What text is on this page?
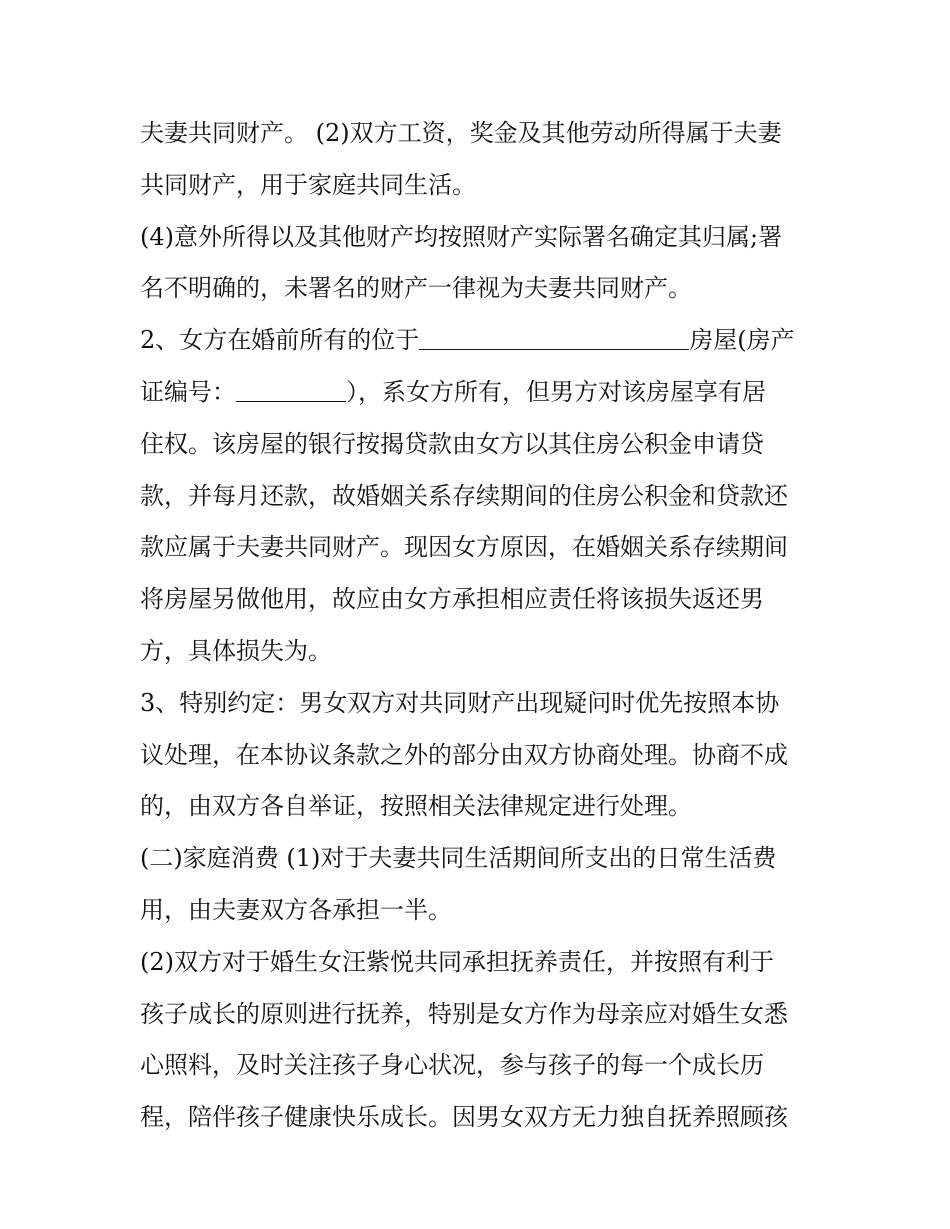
夫妻共同财产。 (2)双方工资，奖金及其他劳动所得属于夫妻
共同财产，用于家庭共同生活。
(4)意外所得以及其他财产均按照财产实际署名确定其归属;署
名不明确的，未署名的财产一律视为夫妻共同财产。
2、女方在婚前所有的位于	房屋(房产
证编号：	），系女方所有，但男方对该房屋享有居
住权。该房屋的银行按揭贷款由女方以其住房公积金申请贷
款，并每月还款，故婚姻关系存续期间的住房公积金和贷款还
款应属于夫妻共同财产。现因女方原因，在婚姻关系存续期间
将房屋另做他用，故应由女方承担相应责任将该损失返还男
方，具体损失为。
3、特别约定：男女双方对共同财产出现疑问时优先按照本协
议处理，在本协议条款之外的部分由双方协商处理。协商不成
的，由双方各自举证，按照相关法律规定进行处理。
(二)家庭消费 (1)对于夫妻共同生活期间所支出的日常生活费
用，由夫妻双方各承担一半。
(2)双方对于婚生女汪紫悦共同承担抚养责任，并按照有利于
孩子成长的原则进行抚养，特别是女方作为母亲应对婚生女悉
心照料，及时关注孩子身心状况，参与孩子的每一个成长历
程，陪伴孩子健康快乐成长。因男女双方无力独自抚养照顾孩
